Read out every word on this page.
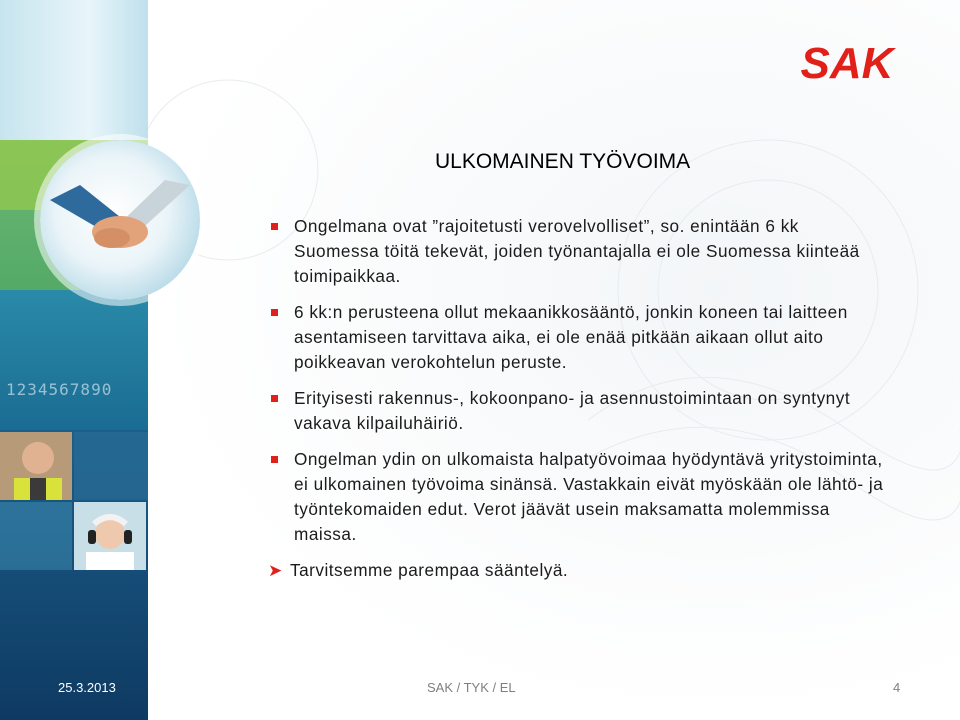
1234567890
SAK
ULKOMAINEN TYÖVOIMA
Ongelmana ovat ”rajoitetusti verovelvolliset”, so. enintään 6 kk Suomessa töitä tekevät, joiden työnantajalla ei ole Suomessa kiinteää toimipaikkaa.
6 kk:n perusteena ollut mekaanikkosääntö, jonkin koneen tai laitteen asentamiseen tarvittava aika, ei ole enää pitkään aikaan ollut aito poikkeavan verokohtelun peruste.
Erityisesti rakennus-, kokoonpano- ja asennustoimintaan on syntynyt vakava kilpailuhäiriö.
Ongelman ydin on ulkomaista halpatyövoimaa hyödyntävä yritystoiminta, ei ulkomainen työvoima sinänsä. Vastakkain eivät myöskään ole lähtö- ja työntekomaiden edut. Verot jäävät usein maksamatta molemmissa maissa.
➤ Tarvitsemme parempaa sääntelyä.
25.3.2013	SAK / TYK / EL	4
